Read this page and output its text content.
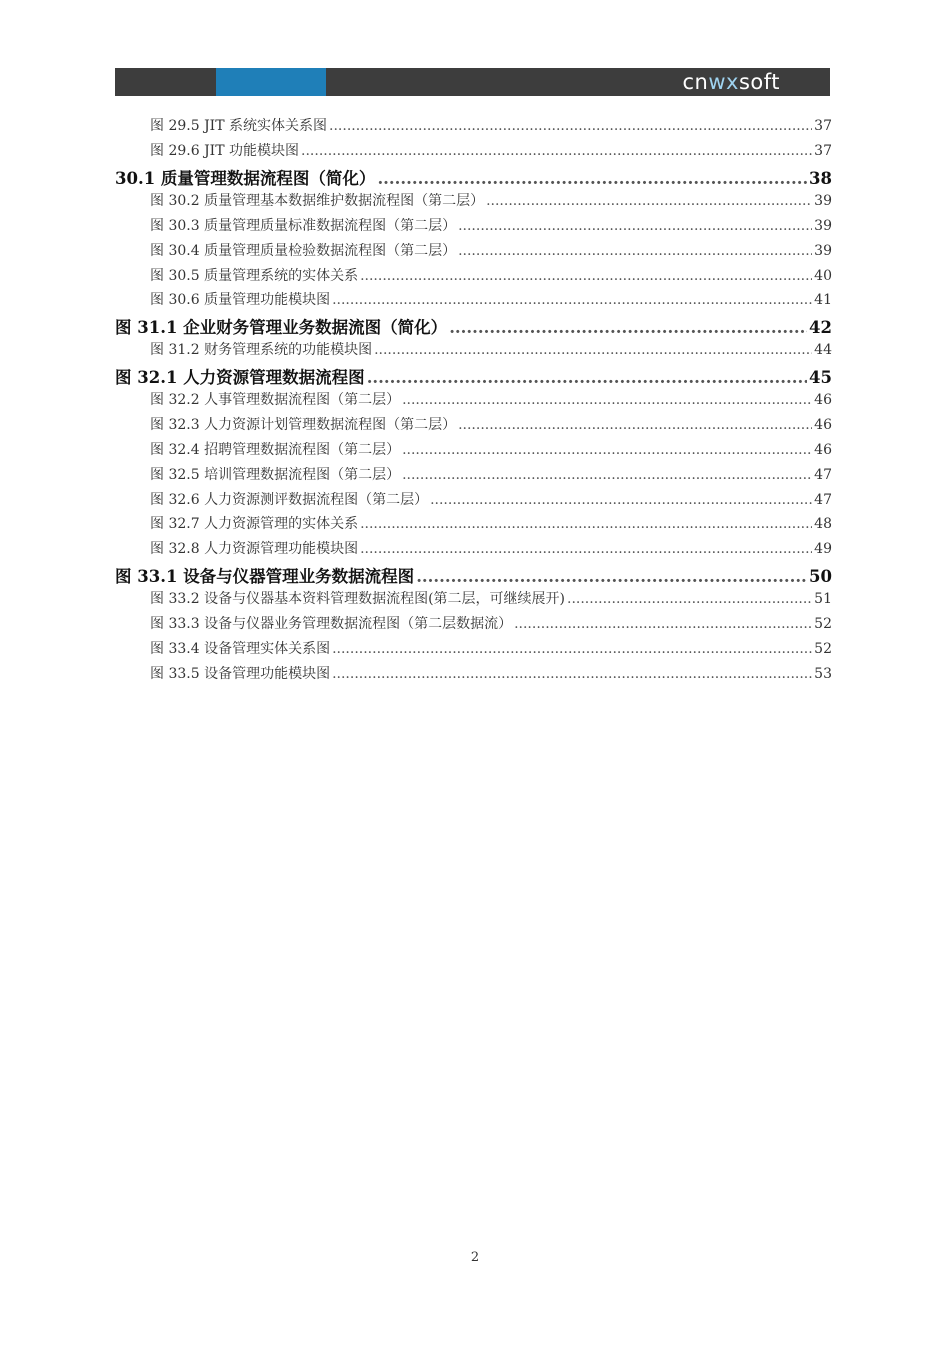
cnwxsoft
图 29.5 JIT 系统实体关系图 .....	37
图 29.6 JIT 功能模块图 .....	37
30.1 质量管理数据流程图（简化） .....	38
图 30.2 质量管理基本数据维护数据流程图（第二层） .....	39
图 30.3 质量管理质量标准数据流程图（第二层） .....	39
图 30.4 质量管理质量检验数据流程图（第二层） .....	39
图 30.5 质量管理系统的实体关系 .....	40
图 30.6 质量管理功能模块图 .....	41
图 31.1 企业财务管理业务数据流图（简化） .....	42
图 31.2 财务管理系统的功能模块图 .....	44
图 32.1 人力资源管理数据流程图 .....	45
图 32.2 人事管理数据流程图（第二层） .....	46
图 32.3 人力资源计划管理数据流程图（第二层） .....	46
图 32.4 招聘管理数据流程图（第二层） .....	46
图 32.5 培训管理数据流程图（第二层） .....	47
图 32.6 人力资源测评数据流程图（第二层） .....	47
图 32.7 人力资源管理的实体关系 .....	48
图 32.8 人力资源管理功能模块图 .....	49
图 33.1 设备与仪器管理业务数据流程图 .....	50
图 33.2 设备与仪器基本资料管理数据流程图(第二层，可继续展开) .....	51
图 33.3 设备与仪器业务管理数据流程图（第二层数据流） .....	52
图 33.4 设备管理实体关系图 .....	52
图 33.5 设备管理功能模块图 .....	53
2
